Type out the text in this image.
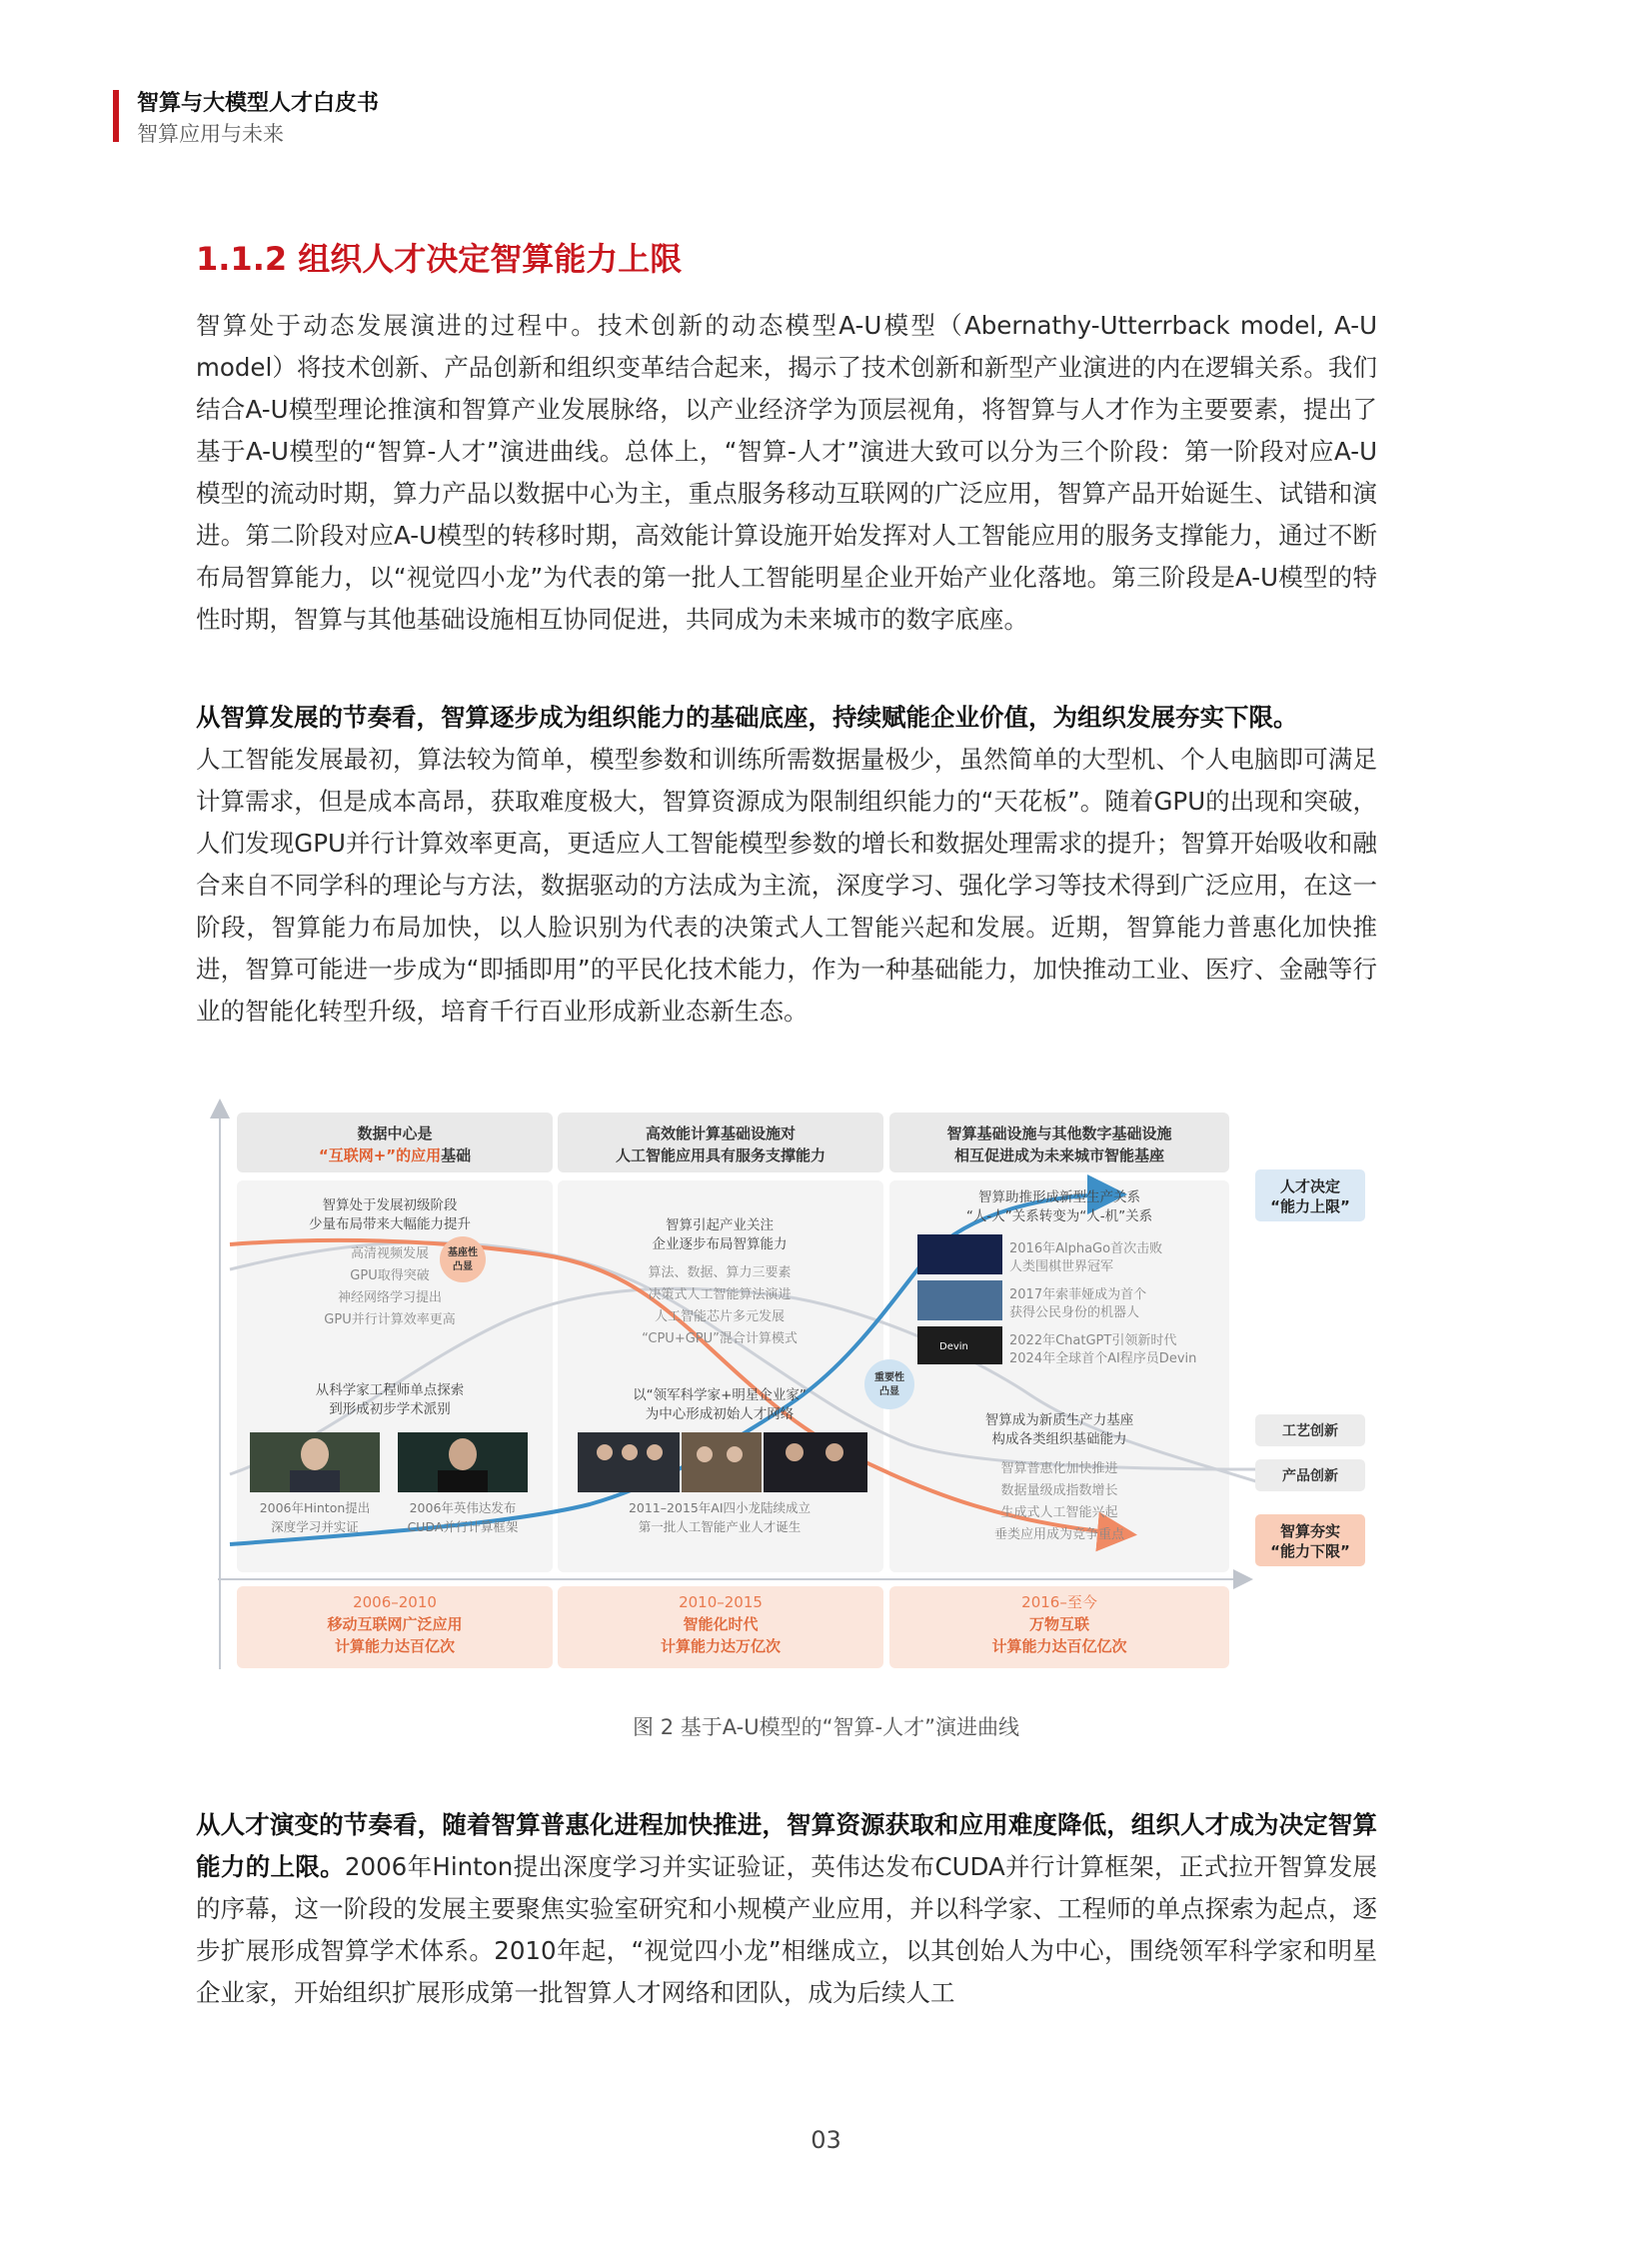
智算与大模型人才白皮书
智算应用与未来
1.1.2 组织人才决定智算能力上限

智算处于动态发展演进的过程中。技术创新的动态模型A-U模型（Abernathy-Utterrback model, A-U model）将技术创新、产品创新和组织变革结合起来，揭示了技术创新和新型产业演进的内在逻辑关系。我们结合A-U模型理论推演和智算产业发展脉络，以产业经济学为顶层视角，将智算与人才作为主要要素，提出了基于A-U模型的“智算-人才”演进曲线。总体上，“智算-人才”演进大致可以分为三个阶段：第一阶段对应A-U模型的流动时期，算力产品以数据中心为主，重点服务移动互联网的广泛应用，智算产品开始诞生、试错和演进。第二阶段对应A-U模型的转移时期，高效能计算设施开始发挥对人工智能应用的服务支撑能力，通过不断布局智算能力，以“视觉四小龙”为代表的第一批人工智能明星企业开始产业化落地。第三阶段是A-U模型的特性时期，智算与其他基础设施相互协同促进，共同成为未来城市的数字底座。

从智算发展的节奏看，智算逐步成为组织能力的基础底座，持续赋能企业价值，为组织发展夯实下限。
人工智能发展最初，算法较为简单，模型参数和训练所需数据量极少，虽然简单的大型机、个人电脑即可满足计算需求，但是成本高昂，获取难度极大，智算资源成为限制组织能力的“天花板”。随着GPU的出现和突破，人们发现GPU并行计算效率更高，更适应人工智能模型参数的增长和数据处理需求的提升；智算开始吸收和融合来自不同学科的理论与方法，数据驱动的方法成为主流，深度学习、强化学习等技术得到广泛应用，在这一阶段，智算能力布局加快，以人脸识别为代表的决策式人工智能兴起和发展。近期，智算能力普惠化加快推进，智算可能进一步成为“即插即用”的平民化技术能力，作为一种基础能力，加快推动工业、医疗、金融等行业的智能化转型升级，培育千行百业形成新业态新生态。

数据中心是
“互联网+”的应用基础
高效能计算基础设施对
人工智能应用具有服务支撑能力
智算基础设施与其他数字基础设施
相互促进成为未来城市智能基座
基座性
凸显
重要性
凸显
智算处于发展初级阶段
少量布局带来大幅能力提升
高清视频发展
GPU取得突破
神经网络学习提出
GPU并行计算效率更高
从科学家工程师单点探索
到形成初步学术派别
2006年Hinton提出
深度学习并实证
2006年英伟达发布
CUDA并行计算框架
智算引起产业关注
企业逐步布局智算能力
算法、数据、算力三要素
决策式人工智能算法演进
人工智能芯片多元发展
“CPU+GPU”混合计算模式
以“领军科学家+明星企业家”
为中心形成初始人才网络
2011–2015年AI四小龙陆续成立
第一批人工智能产业人才诞生
智算助推形成新型生产关系
“人-人”关系转变为“人-机”关系
Devin
2016年AlphaGo首次击败
人类围棋世界冠军
2017年索菲娅成为首个
获得公民身份的机器人
2022年ChatGPT引领新时代
2024年全球首个AI程序员Devin
智算成为新质生产力基座
构成各类组织基础能力
智算普惠化加快推进
数据量级成指数增长
生成式人工智能兴起
垂类应用成为竞争重点
人才决定
“能力上限”
工艺创新
产品创新
智算夯实
“能力下限”
2006–2010
移动互联网广泛应用
计算能力达百亿次
2010–2015
智能化时代
计算能力达万亿次
2016–至今
万物互联
计算能力达百亿亿次
图 2 基于A-U模型的“智算-人才”演进曲线

从人才演变的节奏看，随着智算普惠化进程加快推进，智算资源获取和应用难度降低，组织人才成为决定智算能力的上限。2006年Hinton提出深度学习并实证验证，英伟达发布CUDA并行计算框架，正式拉开智算发展的序幕，这一阶段的发展主要聚焦实验室研究和小规模产业应用，并以科学家、工程师的单点探索为起点，逐步扩展形成智算学术体系。2010年起，“视觉四小龙”相继成立，以其创始人为中心，围绕领军科学家和明星企业家，开始组织扩展形成第一批智算人才网络和团队，成为后续人工

03
